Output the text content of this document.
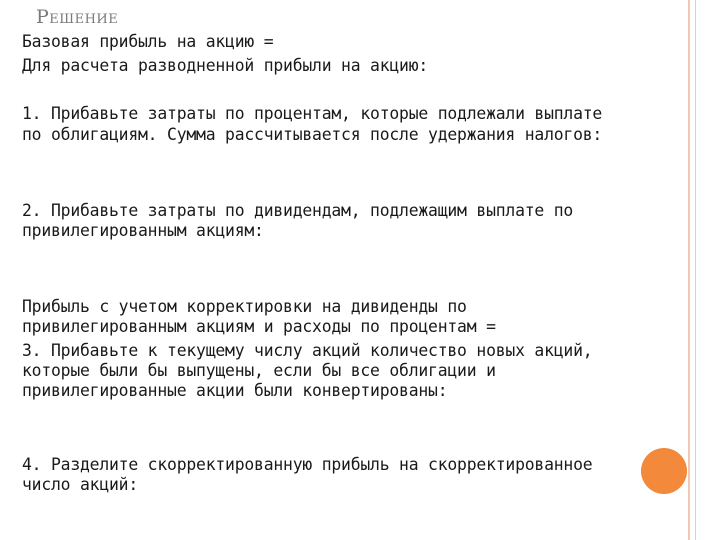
Решение
Базовая прибыль на акцию =
Для расчета разводненной прибыли на акцию:
1. Прибавьте затраты по процентам, которые подлежали выплате
по облигациям. Сумма рассчитывается после удержания налогов:
2. Прибавьте затраты по дивидендам, подлежащим выплате по
привилегированным акциям:
Прибыль с учетом корректировки на дивиденды по
привилегированным акциям и расходы по процентам =
3. Прибавьте к текущему числу акций количество новых акций,
которые были бы выпущены, если бы все облигации и
привилегированные акции были конвертированы:
4. Разделите скорректированную прибыль на скорректированное
число акций:
